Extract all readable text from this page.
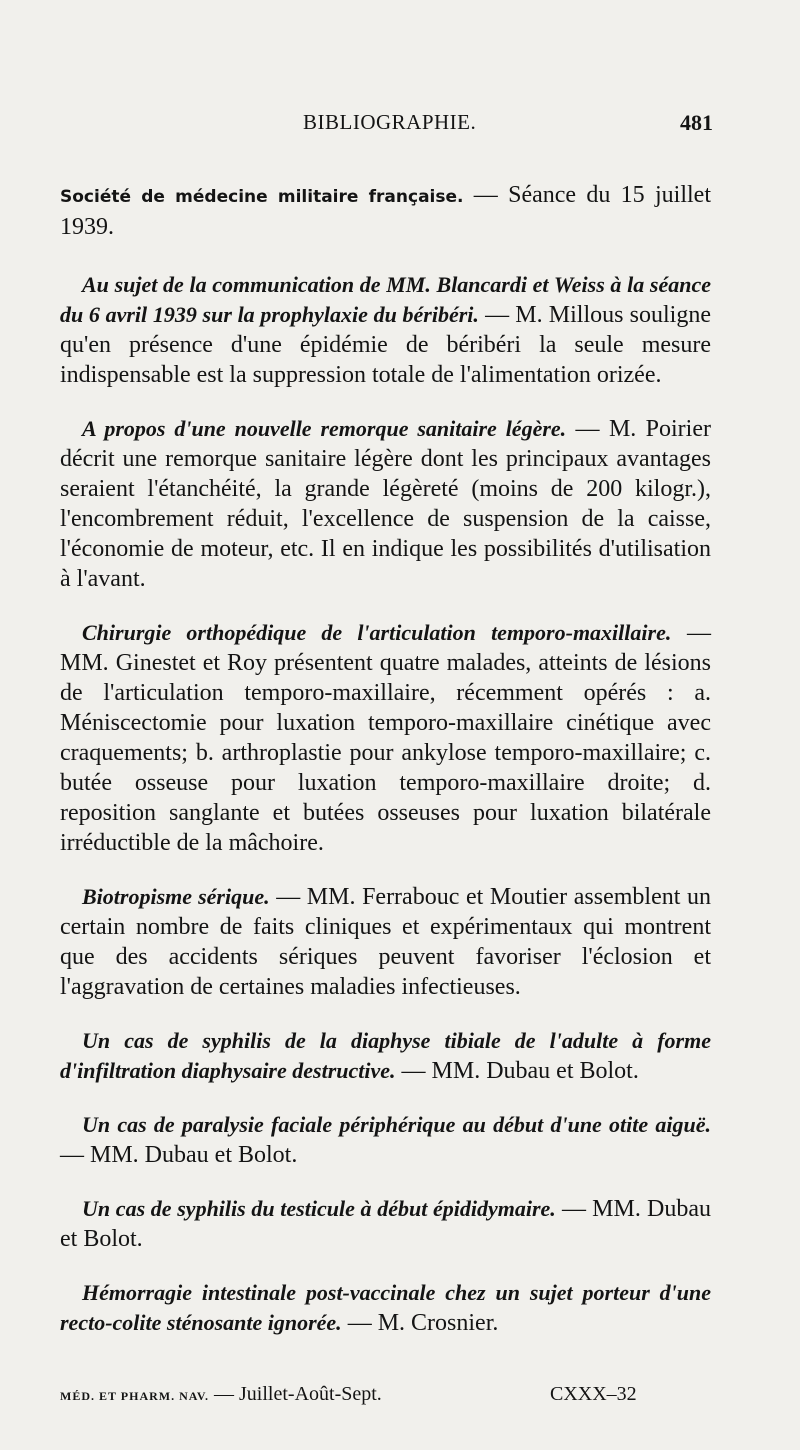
BIBLIOGRAPHIE.	481

Société de médecine militaire française. — Séance du 15 juillet 1939.

Au sujet de la communication de MM. Blancardi et Weiss à la séance du 6 avril 1939 sur la prophylaxie du béribéri. — M. Millous souligne qu'en présence d'une épidémie de béribéri la seule mesure indispensable est la suppression totale de l'alimentation orizée.

A propos d'une nouvelle remorque sanitaire légère. — M. Poirier décrit une remorque sanitaire légère dont les principaux avantages seraient l'étanchéité, la grande légèreté (moins de 200 kilogr.), l'encombrement réduit, l'excellence de suspension de la caisse, l'économie de moteur, etc. Il en indique les possibilités d'utilisation à l'avant.

Chirurgie orthopédique de l'articulation temporo-maxillaire. — MM. Ginestet et Roy présentent quatre malades, atteints de lésions de l'articulation temporo-maxillaire, récemment opérés : a. Méniscectomie pour luxation temporo-maxillaire cinétique avec craquements; b. arthroplastie pour ankylose temporo-maxillaire; c. butée osseuse pour luxation temporo-maxillaire droite; d. reposition sanglante et butées osseuses pour luxation bilatérale irréductible de la mâchoire.

Biotropisme sérique. — MM. Ferrabouc et Moutier assemblent un certain nombre de faits cliniques et expérimentaux qui montrent que des accidents sériques peuvent favoriser l'éclosion et l'aggravation de certaines maladies infectieuses.

Un cas de syphilis de la diaphyse tibiale de l'adulte à forme d'infiltration diaphysaire destructive. — MM. Dubau et Bolot.

Un cas de paralysie faciale périphérique au début d'une otite aiguë. — MM. Dubau et Bolot.

Un cas de syphilis du testicule à début épididymaire. — MM. Dubau et Bolot.

Hémorragie intestinale post-vaccinale chez un sujet porteur d'une recto-colite sténosante ignorée. — M. Crosnier.

MÉD. ET PHARM. NAV. — Juillet-Août-Sept.	CXXX–32
